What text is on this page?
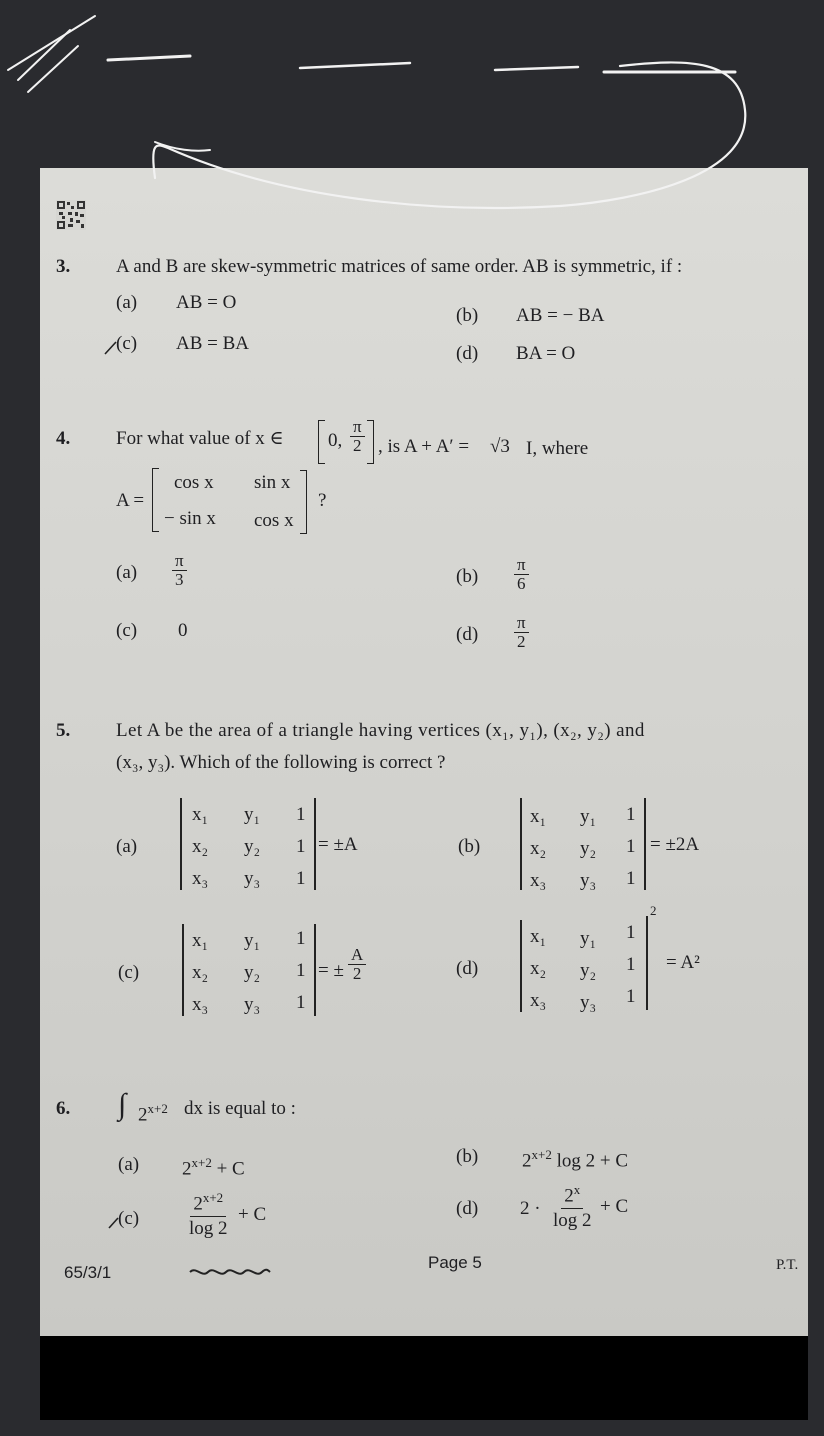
3. A and B are skew-symmetric matrices of same order. AB is symmetric, if :
(a) AB = O
(b) AB = − BA
(c) AB = BA	(d) BA = O
4. For what value of x ∈ 0, $\frac{\pi}{2}$ , is A + A′ = √3 I, where
A =
cos x sin x
− sin x cos x
?
$(a) \frac{\pi}{3}$	$(b) \frac{\pi}{6}$
(c) 0	$(d) \frac{\pi}{2}$
5. Let A be the area of a triangle having vertices (x₁, y₁), (x₂, y₂) and
(x₃, y₃). Which of the following is correct ?
x₁ y₁ 1
x₂ y₂ 1
x₃ y₃ 1
(a)	= ±A
x₁ y₁ 1
x₂ y₂ 1
x₃ y₃ 1
(b)	= ±2A
x₁ y₁ 1
x₂ y₂ 1
x₃ y₃ 1
(c)	= ± $\frac{A}{2}$
x₁ y₁ 1
x₂ y₂ 1
x₃ y₃ 1
2
(d)	= A²
6. ∫ $2^{x+2}$ dx is equal to :
(a) $2^{x+2} + C$
(b) $2^{x+2}$ log 2 + C
$(c) \frac{2^{x+2}}{\log 2} + C$	(d) $2 \cdot \frac{2^x}{\log 2} + C$
65/3/1
Page 5	P.T.
